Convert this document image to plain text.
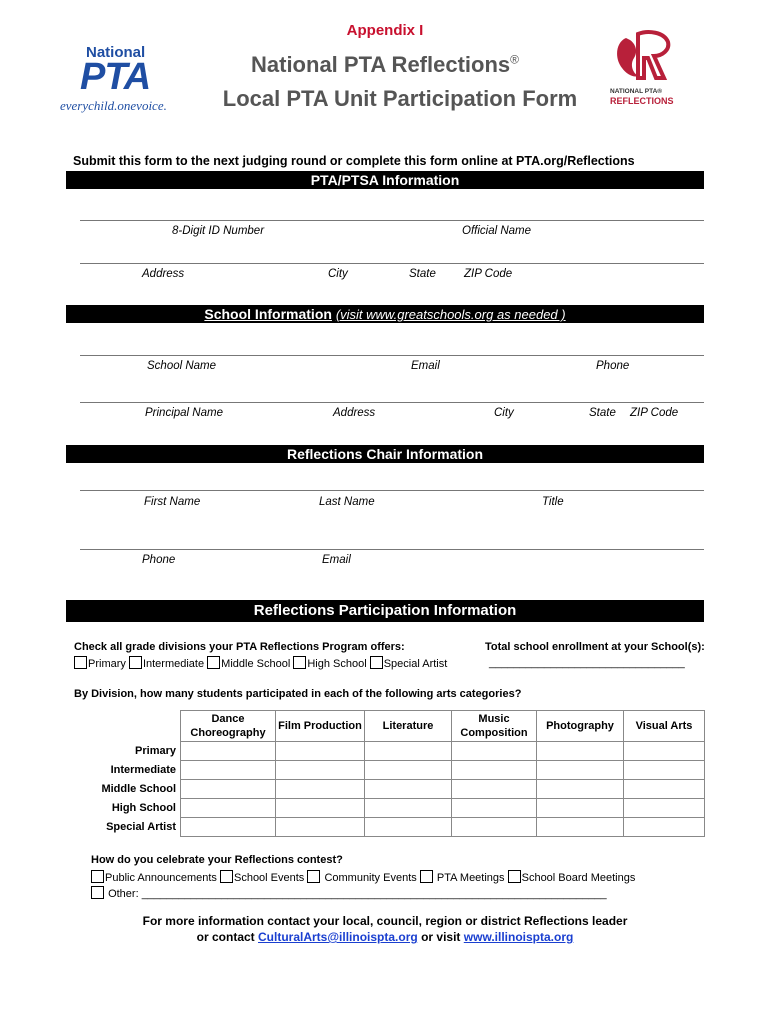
Appendix I
National PTA Reflections®
Local PTA Unit Participation Form
National
PTA
everychild.onevoice.
NATIONAL PTA®
REFLECTIONS
Submit this form to the next judging round or complete this form online at PTA.org/Reflections
PTA/PTSA Information
8-Digit ID Number	Official Name
Address	City	State ZIP Code
School Information (visit www.greatschools.org as needed )
School Name	Email	Phone
Principal Name	Address	City	State ZIP Code
Reflections Chair Information
First Name	Last Name	Title
Phone	Email
Reflections Participation Information
Check all grade divisions your PTA Reflections Program offers:	Total school enrollment at your School(s):
Primary Intermediate Middle School High School Special Artist	________________________________
By Division, how many students participated in each of the following arts categories?
	Dance Choreography	Film Production	Literature	Music Composition	Photography	Visual Arts
Primary						
Intermediate						
Middle School						
High School						
Special Artist						
How do you celebrate your Reflections contest?
Public Announcements School Events Community Events PTA Meetings School Board Meetings
Other: ____________________________________________________________________________
For more information contact your local, council, region or district Reflections leader
or contact CulturalArts@illinoispta.org or visit www.illinoispta.org
